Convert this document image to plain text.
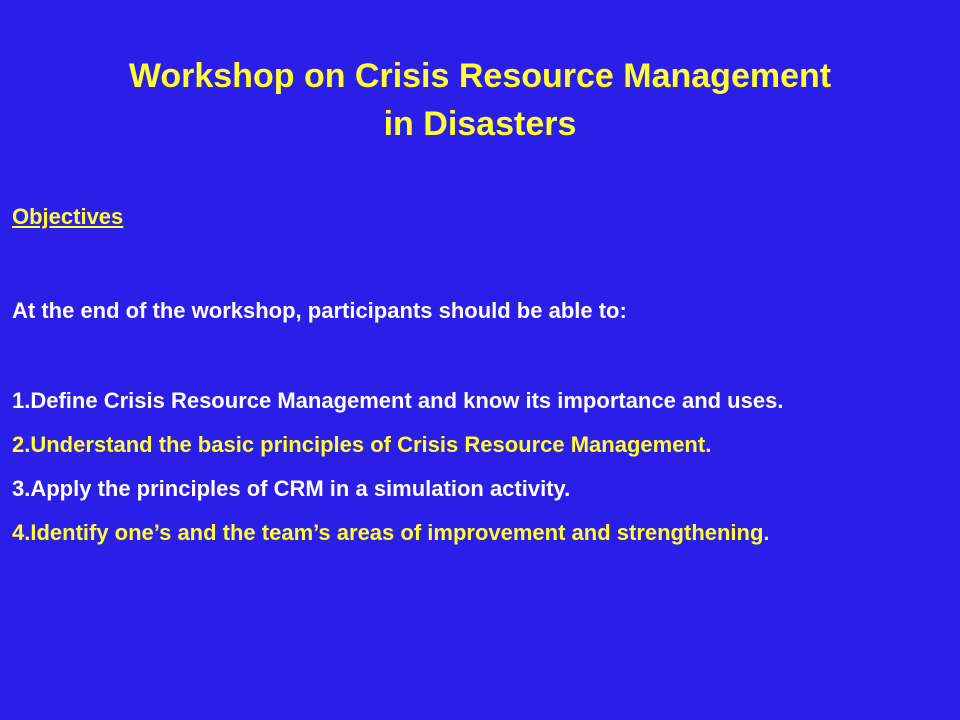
Workshop on Crisis Resource Management
in Disasters
Objectives
At the end of the workshop, participants should be able to:
1.Define Crisis Resource Management and know its importance and uses.
2.Understand the basic principles of Crisis Resource Management.
3.Apply the principles of CRM in a simulation activity.
4.Identify one’s and the team’s areas of improvement and strengthening.
